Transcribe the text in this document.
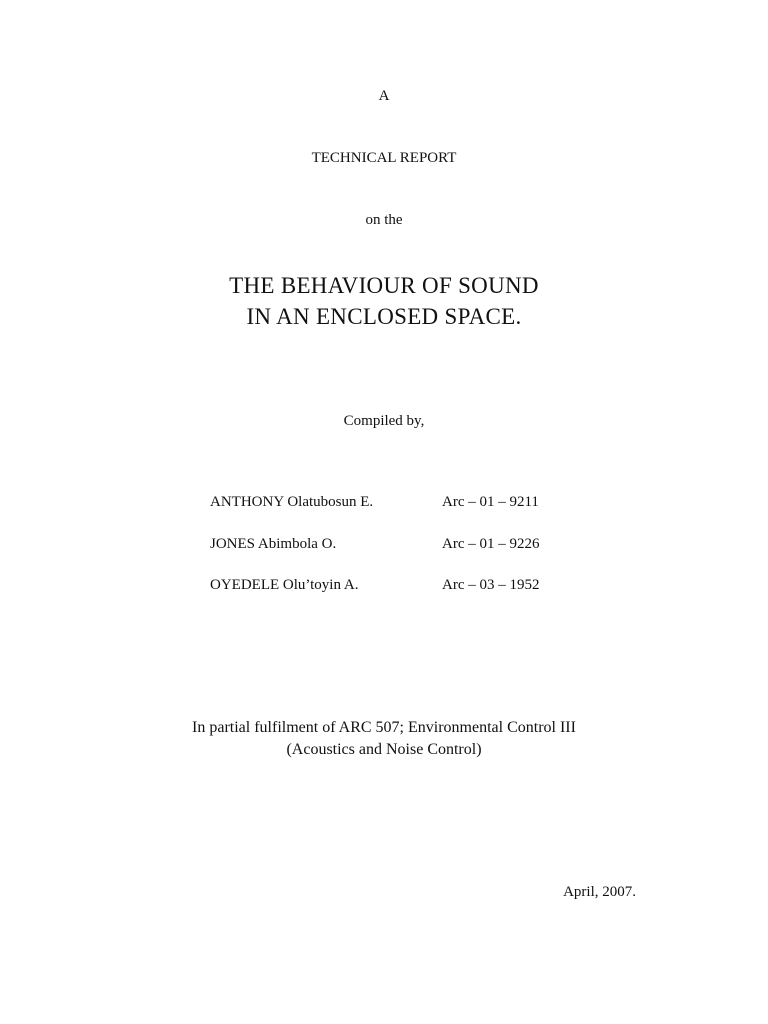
A
TECHNICAL REPORT
on the
THE BEHAVIOUR OF SOUND
IN AN ENCLOSED SPACE.
Compiled by,
ANTHONY Olatubosun E.	Arc – 01 – 9211
JONES Abimbola O.	Arc – 01 – 9226
OYEDELE Olu’toyin A.	Arc – 03 – 1952
In partial fulfilment of ARC 507; Environmental Control III
(Acoustics and Noise Control)
April, 2007.
